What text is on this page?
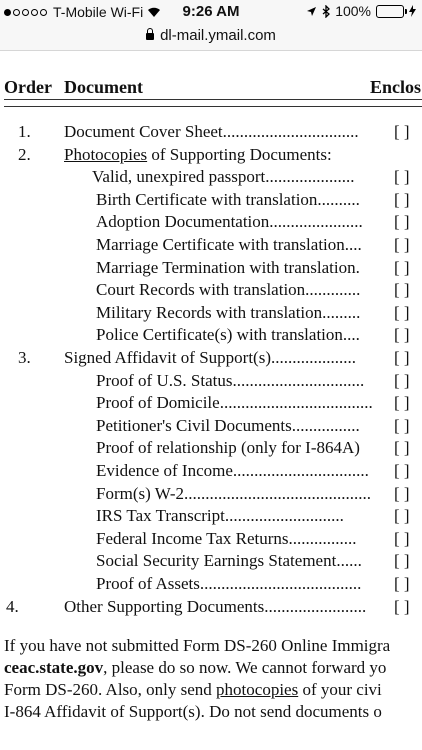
T-Mobile Wi-Fi	9:26 AM	100%
dl-mail.ymail.com
Order Document	Enclos
1. Document Cover Sheet................................ [ ]
2. Photocopies of Supporting Documents:
Valid, unexpired passport..................... [ ]
Birth Certificate with translation.......... [ ]
Adoption Documentation...................... [ ]
Marriage Certificate with translation.... [ ]
Marriage Termination with translation. [ ]
Court Records with translation............. [ ]
Military Records with translation......... [ ]
Police Certificate(s) with translation.... [ ]
3. Signed Affidavit of Support(s).................... [ ]
Proof of U.S. Status............................... [ ]
Proof of Domicile.................................... [ ]
Petitioner's Civil Documents................ [ ]
Proof of relationship (only for I-864A) [ ]
Evidence of Income................................ [ ]
Form(s) W-2............................................ [ ]
IRS Tax Transcript............................	[ ]
Federal Income Tax Returns................ [ ]
Social Security Earnings Statement...... [ ]
Proof of Assets...................................... [ ]
4.	Other Supporting Documents........................ [ ]
If you have not submitted Form DS-260 Online Immigra
ceac.state.gov, please do so now. We cannot forward yo
Form DS-260. Also, only send photocopies of your civi
I-864 Affidavit of Support(s). Do not send documents o
